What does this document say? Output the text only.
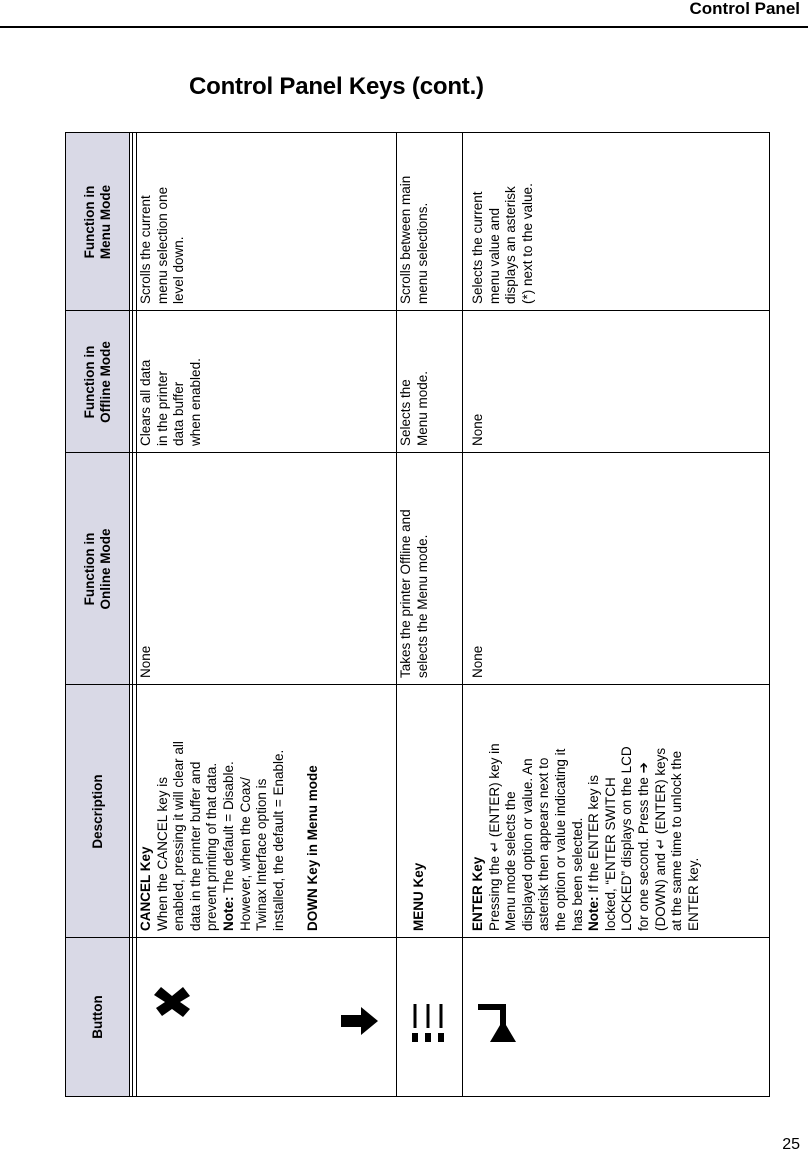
Control Panel
Control Panel Keys (cont.)
Button
Description
Function in Online Mode
Function in Offline Mode
Function in Menu Mode
CANCEL Key When the CANCEL key is enabled, pressing it will clear all data in the printer buffer and prevent printing of that data. Note: The default = Disable. However, when the Coax/ Twinax Interface option is installed, the default = Enable. DOWN Key in Menu mode
None
Clears all data in the printer data buffer when enabled.
Scrolls the current menu selection one level down.
MENU Key
Takes the printer Offline and selects the Menu mode.
Selects the Menu mode.
Scrolls between main menu selections.
ENTER Key Pressing the ↵ (ENTER) key in Menu mode selects the displayed option or value. An asterisk then appears next to the option or value indicating it has been selected. Note: If the ENTER key is locked, “ENTER SWITCH LOCKED” displays on the LCD for one second. Press the ➔ (DOWN) and ↵ (ENTER) keys at the same time to unlock the ENTER key.
None
None
Selects the current menu value and displays an asterisk (*) next to the value.
25
